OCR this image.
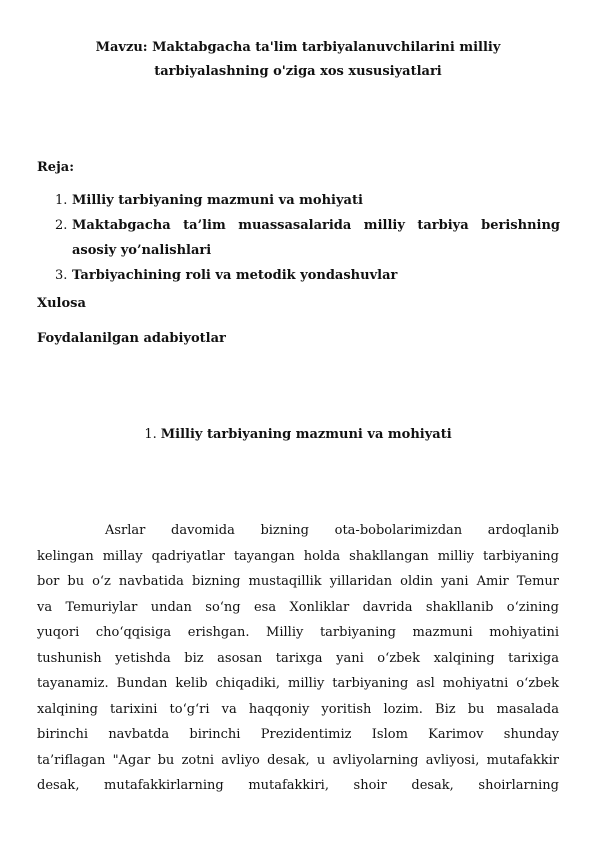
Mavzu: Maktabgacha ta'lim tarbiyalanuvchilarini milliy tarbiyalashning o'ziga xos xususiyatlari
Reja:
1. Milliy tarbiyaning mazmuni va mohiyati
2. Maktabgacha ta’lim muassasalarida milliy tarbiya berishning asosiy yo’nalishlari
3. Tarbiyachining roli va metodik yondashuvlar
Xulosa
Foydalanilgan adabiyotlar
1. Milliy tarbiyaning mazmuni va mohiyati
Asrlar davomida bizning ota-bobolarimizdan ardoqlanib
kelingan millay qadriyatlar tayangan holda shakllangan milliy tarbiyaning
bor bu o‘z navbatida bizning mustaqillik yillaridan oldin yani Amir Temur
va Temuriylar undan so‘ng esa Xonliklar davrida shakllanib o‘zining
yuqori cho‘qqisiga erishgan. Milliy tarbiyaning mazmuni mohiyatini
tushunish yetishda biz asosan tarixga yani o‘zbek xalqining tarixiga
tayanamiz. Bundan kelib chiqadiki, milliy tarbiyaning asl mohiyatni o‘zbek
xalqining tarixini to‘g‘ri va haqqoniy yoritish lozim. Biz bu masalada
birinchi navbatda birinchi Prezidentimiz Islom Karimov shunday
ta’riflagan "Agar bu zotni avliyo desak, u avliyolarning avliyosi, mutafakkir
desak, mutafakkirlarning mutafakkiri, shoir desak, shoirlarning
